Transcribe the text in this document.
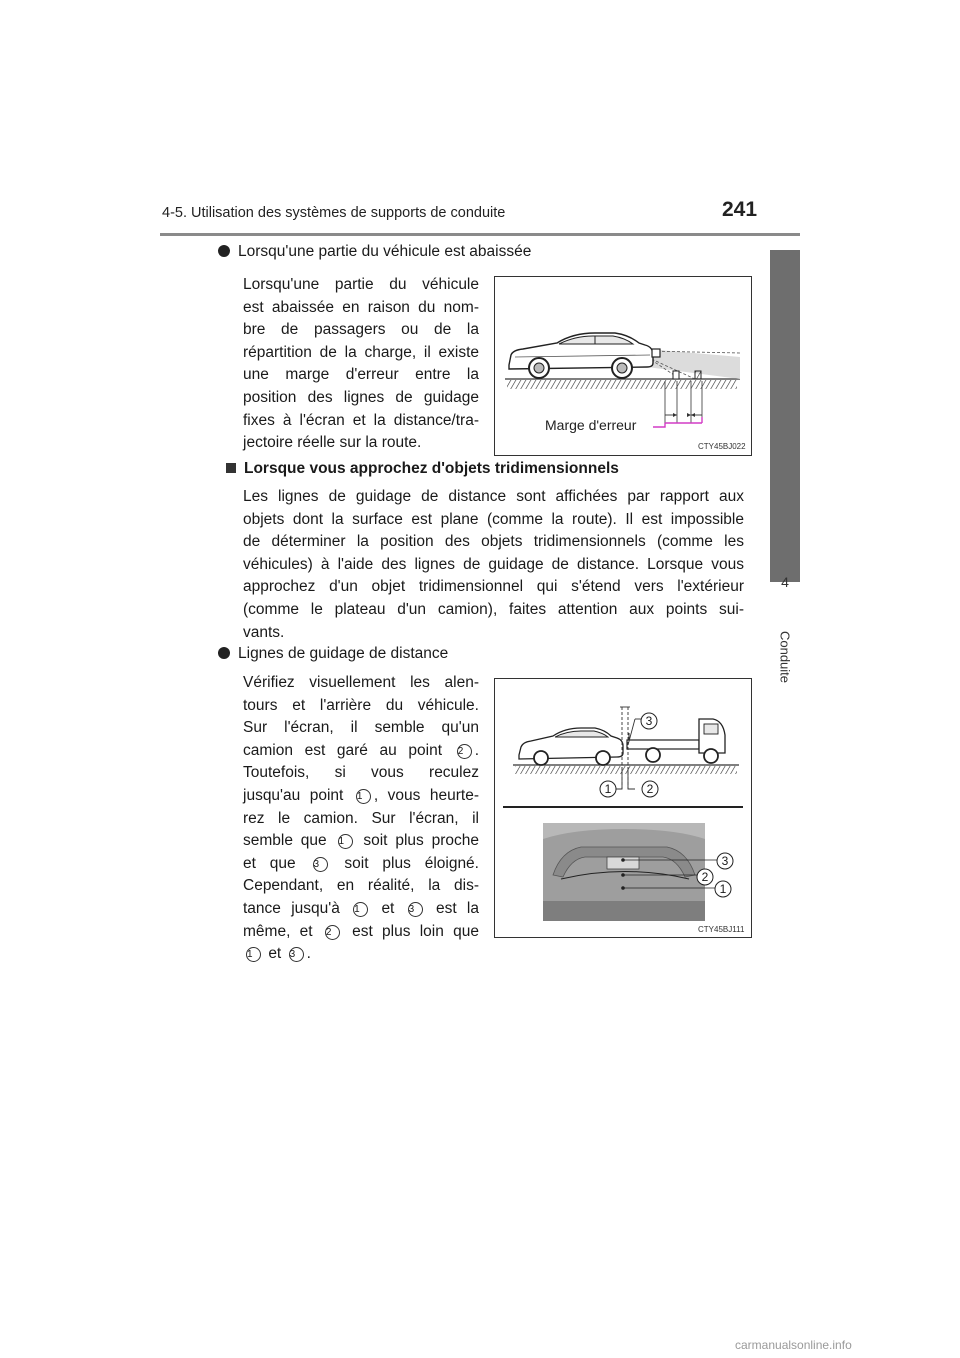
4-5. Utilisation des systèmes de supports de conduite	241
4
Conduite
Lorsqu'une partie du véhicule est abaissée
Lorsqu'une partie du véhicule
est abaissée en raison du nom-
bre de passagers ou de la
répartition de la charge, il existe
une marge d'erreur entre la
position des lignes de guidage
fixes à l'écran et la distance/tra-
jectoire réelle sur la route.
Marge d'erreur
CTY45BJ022
Lorsque vous approchez d'objets tridimensionnels
Les lignes de guidage de distance sont affichées par rapport aux
objets dont la surface est plane (comme la route). Il est impossible
de déterminer la position des objets tridimensionnels (comme les
véhicules) à l'aide des lignes de guidage de distance. Lorsque vous
approchez d'un objet tridimensionnel qui s'étend vers l'extérieur
(comme le plateau d'un camion), faites attention aux points sui-
vants.
Lignes de guidage de distance
Vérifiez visuellement les alen-
tours et l'arrière du véhicule.
Sur l'écran, il semble qu'un
camion est garé au point 2 .
Toutefois, si vous reculez
jusqu'au point 1 , vous heurte-
rez le camion. Sur l'écran, il
semble que 1 soit plus proche
et que 3 soit plus éloigné.
Cependant, en réalité, la dis-
tance jusqu'à 1 et 3 est la
même, et 2 est plus loin que
1 et 3 .
3
1	2
3
2
1
CTY45BJ111
carmanualsonline.info
